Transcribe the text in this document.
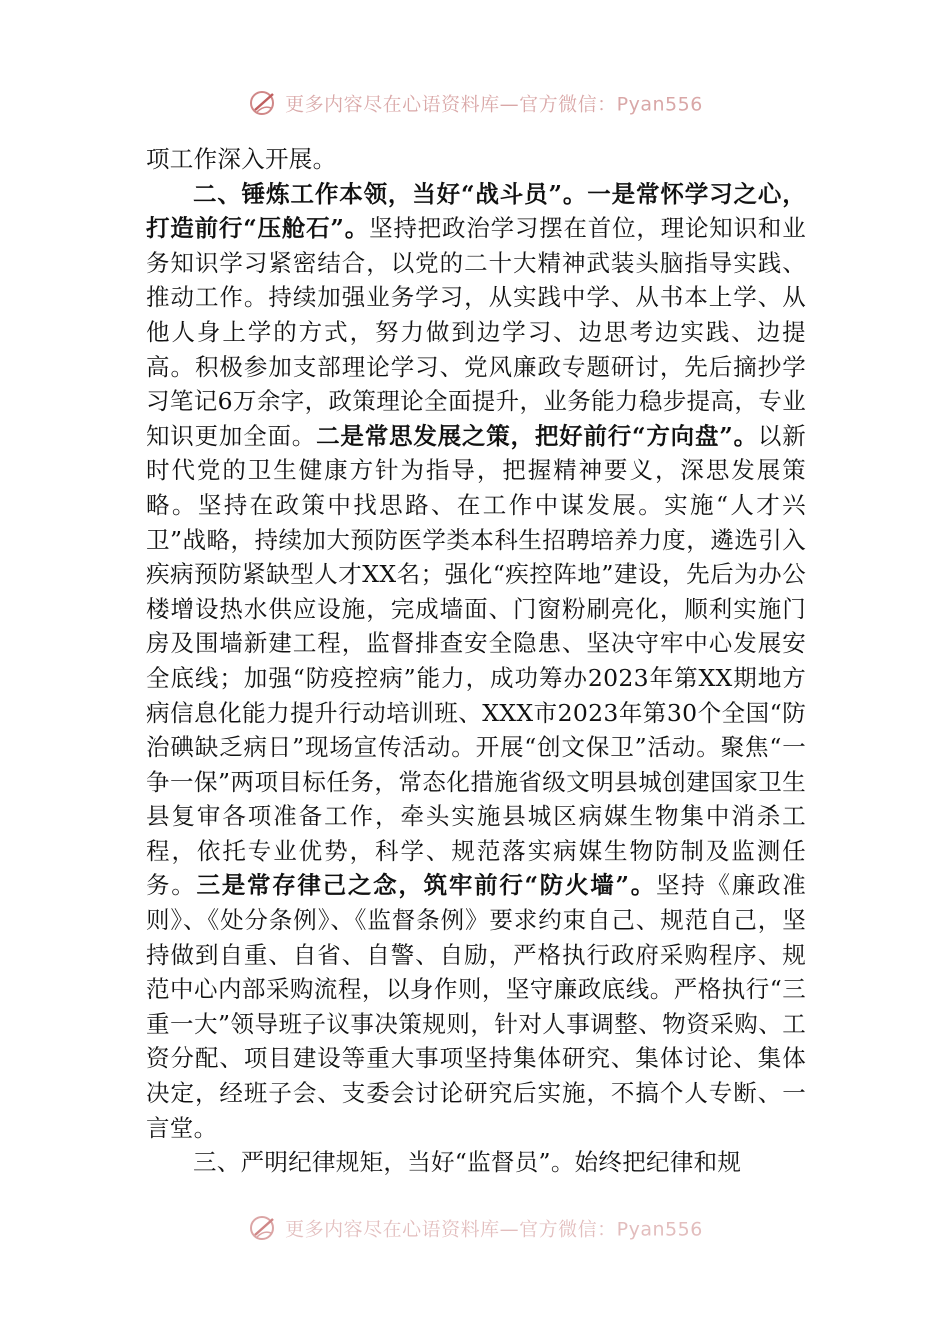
更多内容尽在心语资料库—官方微信：Pyan556

项工作深入开展。

二、锤炼工作本领，当好“战斗员”。一是常怀学习之心，打造前行“压舱石”。坚持把政治学习摆在首位，理论知识和业务知识学习紧密结合，以党的二十大精神武装头脑指导实践、推动工作。持续加强业务学习，从实践中学、从书本上学、从他人身上学的方式，努力做到边学习、边思考边实践、边提高。积极参加支部理论学习、党风廉政专题研讨，先后摘抄学习笔记6万余字，政策理论全面提升，业务能力稳步提高，专业知识更加全面。二是常思发展之策，把好前行“方向盘”。以新时代党的卫生健康方针为指导，把握精神要义，深思发展策略。坚持在政策中找思路、在工作中谋发展。实施“人才兴卫”战略，持续加大预防医学类本科生招聘培养力度，遴选引入疾病预防紧缺型人才XX名；强化“疾控阵地”建设，先后为办公楼增设热水供应设施，完成墙面、门窗粉刷亮化，顺利实施门房及围墙新建工程，监督排查安全隐患、坚决守牢中心发展安全底线；加强“防疫控病”能力，成功筹办2023年第XX期地方病信息化能力提升行动培训班、XXX市2023年第30个全国“防治碘缺乏病日”现场宣传活动。开展“创文保卫”活动。聚焦“一争一保”两项目标任务，常态化措施省级文明县城创建国家卫生县复审各项准备工作，牵头实施县城区病媒生物集中消杀工程，依托专业优势，科学、规范落实病媒生物防制及监测任务。三是常存律己之念，筑牢前行“防火墙”。坚持《廉政准则》、《处分条例》、《监督条例》要求约束自己、规范自己，坚持做到自重、自省、自警、自励，严格执行政府采购程序、规范中心内部采购流程，以身作则，坚守廉政底线。严格执行“三重一大”领导班子议事决策规则，针对人事调整、物资采购、工资分配、项目建设等重大事项坚持集体研究、集体讨论、集体决定，经班子会、支委会讨论研究后实施，不搞个人专断、一言堂。

三、严明纪律规矩，当好“监督员”。始终把纪律和规

更多内容尽在心语资料库—官方微信：Pyan556
